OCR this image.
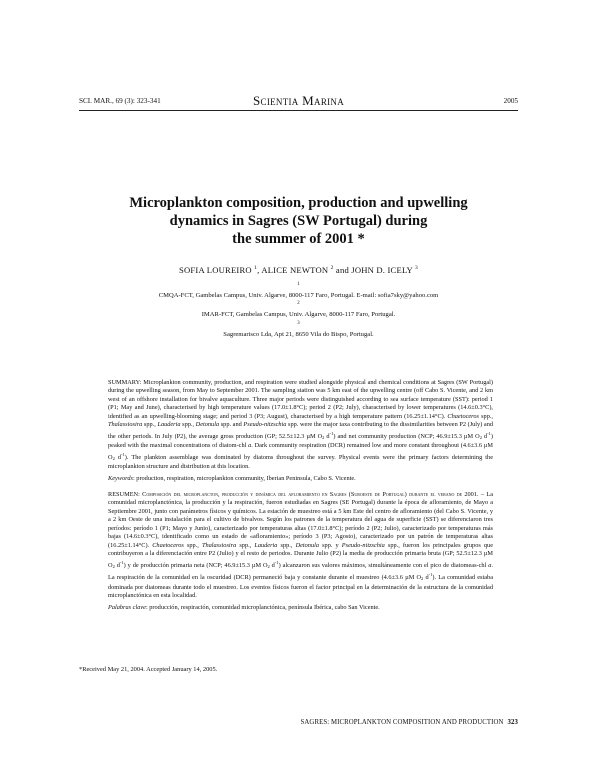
SCI. MAR., 69 (3): 323-341	Scientia Marina	2005
Microplankton composition, production and upwelling
dynamics in Sagres (SW Portugal) during
the summer of 2001 *
SOFIA LOUREIRO $^1$, ALICE NEWTON $^2$ and JOHN D. ICELY $^3$
$^1$
CMQA-FCT, Gambelas Campus, Univ. Algarve, 8000-117 Faro, Portugal. E-mail: sofia7sky@yahoo.com
$^2$
IMAR-FCT, Gambelas Campus, Univ. Algarve, 8000-117 Faro, Portugal.
$^3$
Sagremarisco Lda, Apt 21, 8650 Vila do Bispo, Portugal.
SUMMARY: Microplankton community, production, and respiration were studied alongside physical and chemical conditions at Sagres (SW Portugal) during the upwelling season, from May to September 2001. The sampling station was 5 km east of the upwelling centre (off Cabo S. Vicente, and 2 km west of an offshore installation for bivalve aquaculture. Three major periods were distinguished according to sea surface temperature (SST): period 1 (P1; May and June), characterised by high temperature values (17.0±1.8°C); period 2 (P2; July), characterised by lower temperatures (14.6±0.3°C), identified as an upwelling-blooming stage; and period 3 (P3; August), characterised by a high temperature pattern (16.25±1.14°C). Chaetoceros spp., Thalassiosira spp., Lauderia spp., Detonula spp. and Pseudo-nitzschia spp. were the major taxa contributing to the dissimilarities between P2 (July) and the other periods. In July (P2), the average gross production (GP; 52.5±12.3 µM $O_2$ $d^{-1}$) and net community production (NCP; 46.9±15.3 µM $O_2$ $d^{-1}$) peaked with the maximal concentrations of diatom-chl a. Dark community respiration (DCR) remained low and more constant throughout (4.6±3.6 µM $O_2$ $d^{-1}$). The plankton assemblage was dominated by diatoms throughout the survey. Physical events were the primary factors determining the microplankton structure and distribution at this location.
Keywords: production, respiration, microplankton community, Iberian Peninsula, Cabo S. Vicente.
RESUMEN: Composición del microplancton, producción y dinámica del afloramiento en Sagres (Suroeste de Portugal) durante el verano de 2001. – La comunidad microplanctónica, la producción y la respiración, fueron estudiadas en Sagres (SE Portugal) durante la época de afloramiento, de Mayo a Septiembre 2001, junto con parámetros físicos y químicos. La estación de muestreo está a 5 km Este del centro de afloramiento (del Cabo S. Vicente, y a 2 km Oeste de una instalación para el cultivo de bivalvos. Según los patrones de la temperatura del agua de superficie (SST) se diferenciaron tres períodos: período 1 (P1; Mayo y Junio), caracterizado por temperaturas altas (17.0±1.8°C); período 2 (P2; Julio), caracterizado por temperaturas más bajas (14.6±0.3°C), identificado como un estado de «afloramiento»; período 3 (P3; Agosto), caracterizado por un patrón de temperaturas altas (16.25±1.14°C). Chaetoceros spp., Thalassiosira spp., Lauderia spp., Detonula spp. y Pseudo-nitzschia spp., fueron los principales grupos que contribuyeron a la diferenciación entre P2 (Julio) y el resto de periodos. Durante Julio (P2) la media de producción primaria bruta (GP; 52.5±12.3 µM $O_2$ $d^{-1}$) y de producción primaria neta (NCP; 46.9±15.3 µM $O_2$ $d^{-1}$) alcanzaron sus valores máximos, simultáneamente con el pico de diatomeas-chl a. La respiración de la comunidad en la oscuridad (DCR) permaneció baja y constante durante el muestreo (4.6±3.6 µM $O_2$ $d^{-1}$). La comunidad estaba dominada por diatomeas durante todo el muestreo. Los eventos físicos fueron el factor principal en la determinación de la estructura de la comunidad microplanctónica en esta localidad.
Palabras clave: producción, respiración, comunidad microplanctónica, península Ibérica, cabo San Vicente.
*Received May 21, 2004. Accepted January 14, 2005.
SAGRES: MICROPLANKTON COMPOSITION AND PRODUCTION 323
